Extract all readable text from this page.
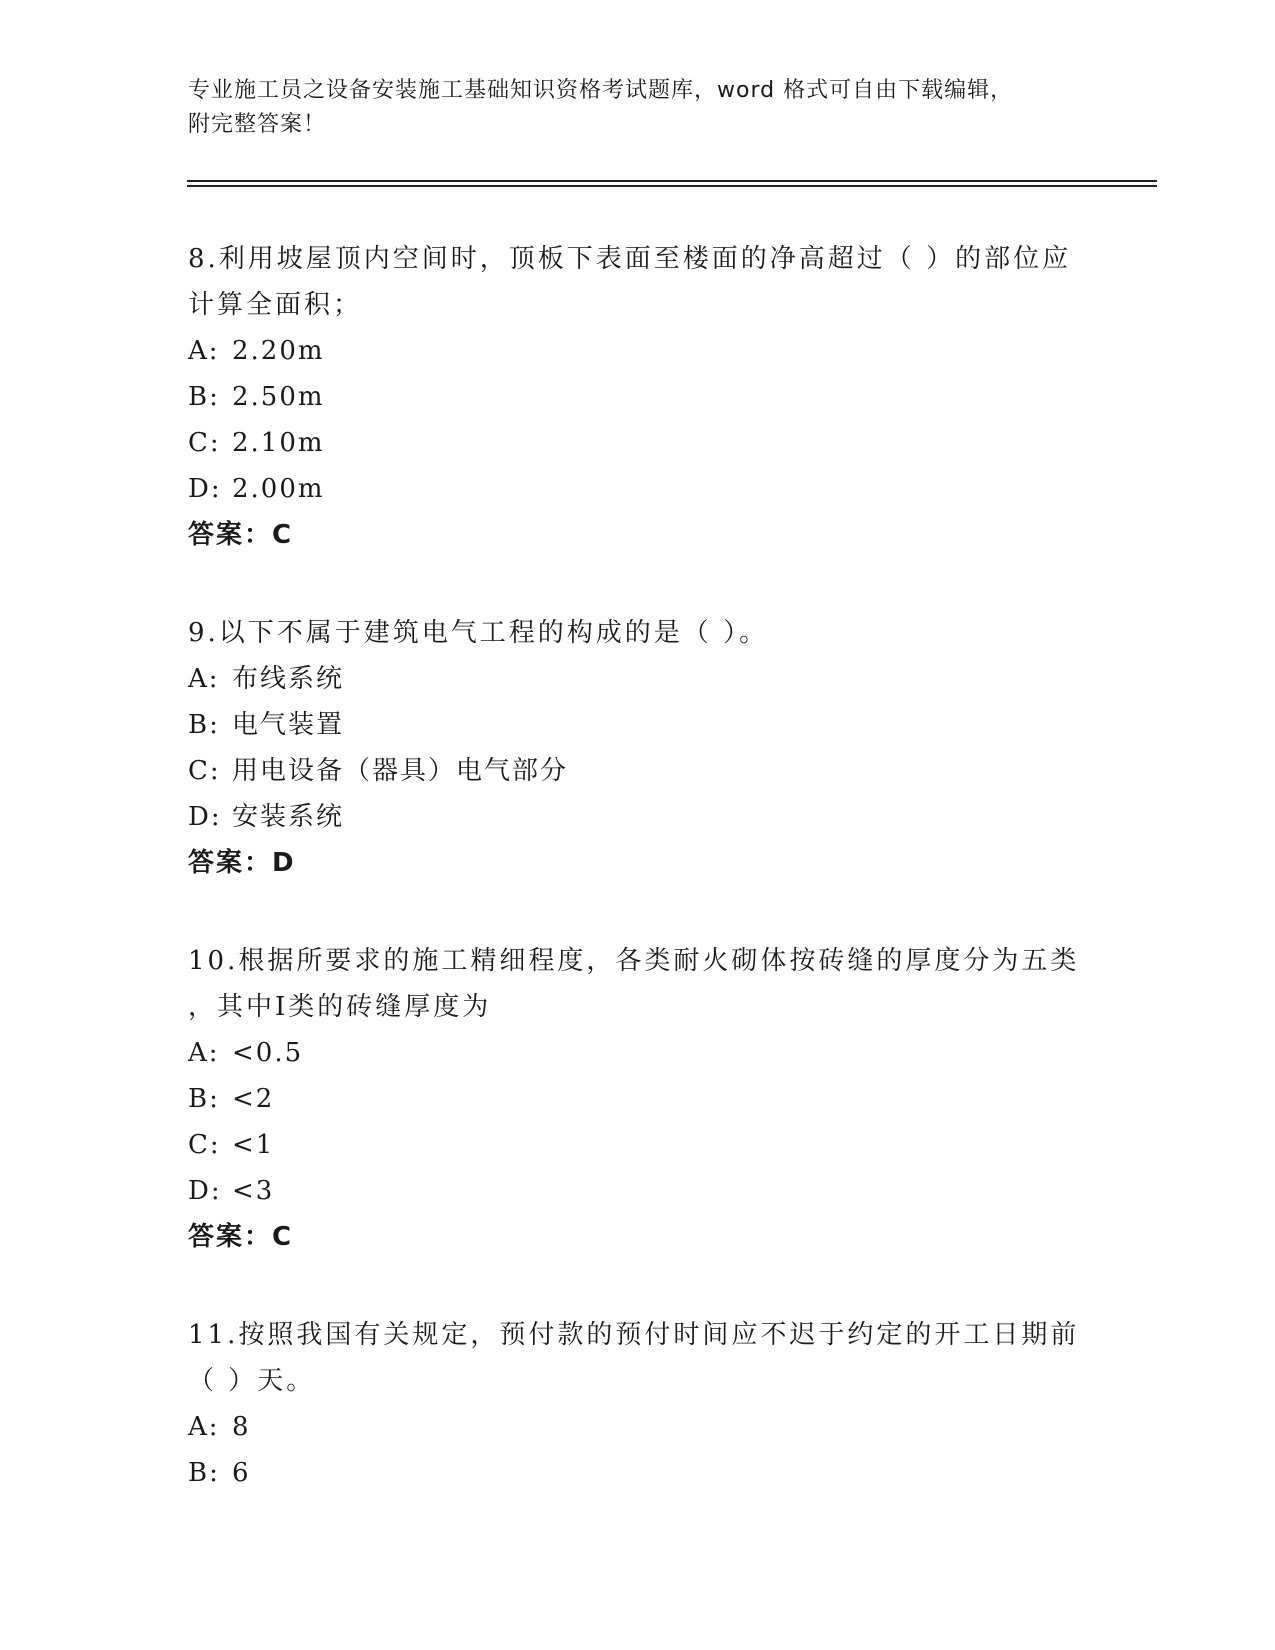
专业施工员之设备安装施工基础知识资格考试题库，word 格式可自由下载编辑，
附完整答案！
8.利用坡屋顶内空间时，顶板下表面至楼面的净高超过（ ）的部位应
计算全面积；
A: 2.20m
B: 2.50m
C: 2.10m
D: 2.00m
答案：C
9.以下不属于建筑电气工程的构成的是（ ）。
A: 布线系统
B: 电气装置
C: 用电设备（器具）电气部分
D: 安装系统
答案：D
10.根据所要求的施工精细程度，各类耐火砌体按砖缝的厚度分为五类
，其中Ⅰ类的砖缝厚度为
A: <0.5
B: <2
C: <1
D: <3
答案：C
11.按照我国有关规定，预付款的预付时间应不迟于约定的开工日期前
（ ）天。
A: 8
B: 6
